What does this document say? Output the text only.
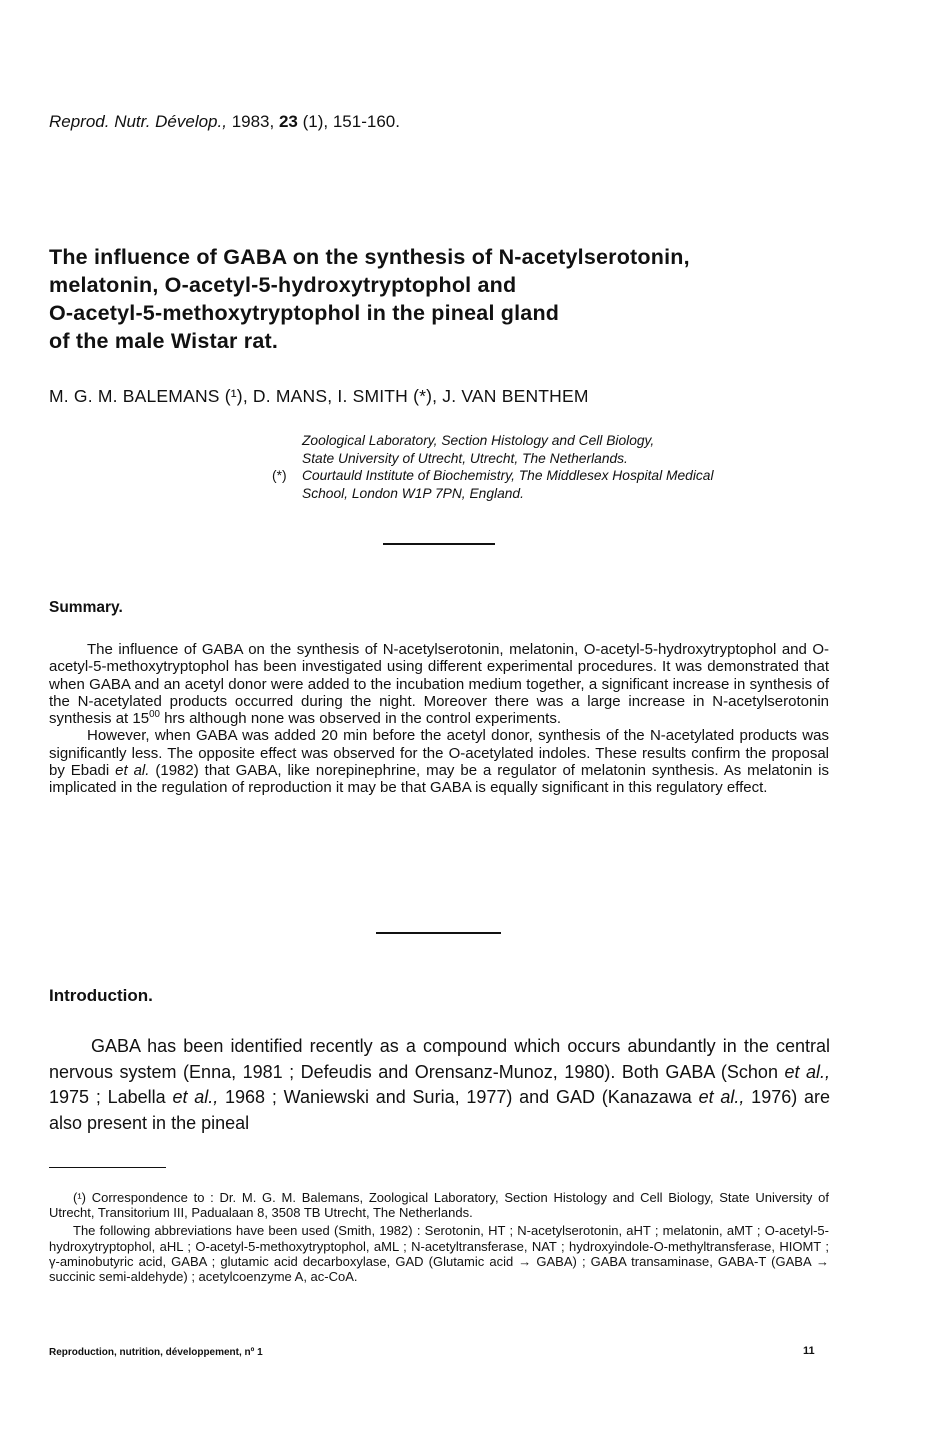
Reprod. Nutr. Dévelop., 1983, 23 (1), 151-160.
The influence of GABA on the synthesis of N-acetylserotonin,
melatonin, O-acetyl-5-hydroxytryptophol and
O-acetyl-5-methoxytryptophol in the pineal gland
of the male Wistar rat.
M. G. M. BALEMANS (¹), D. MANS, I. SMITH (*), J. VAN BENTHEM
Zoological Laboratory, Section Histology and Cell Biology,
State University of Utrecht, Utrecht, The Netherlands.
(*) Courtauld Institute of Biochemistry, The Middlesex Hospital Medical
School, London W1P 7PN, England.
Summary.

The influence of GABA on the synthesis of N-acetylserotonin, melatonin, O-acetyl-5-hydroxytryptophol and O-acetyl-5-methoxytryptophol has been investigated using different experimental procedures. It was demonstrated that when GABA and an acetyl donor were added to the incubation medium together, a significant increase in synthesis of the N-acetylated products occurred during the night. Moreover there was a large increase in N-acetylserotonin synthesis at $15^{00}$ hrs although none was observed in the control experiments.

However, when GABA was added 20 min before the acetyl donor, synthesis of the N-acetylated products was significantly less. The opposite effect was observed for the O-acetylated indoles. These results confirm the proposal by Ebadi et al. (1982) that GABA, like norepinephrine, may be a regulator of melatonin synthesis. As melatonin is implicated in the regulation of reproduction it may be that GABA is equally significant in this regulatory effect.

Introduction.

GABA has been identified recently as a compound which occurs abundantly in the central nervous system (Enna, 1981 ; Defeudis and Orensanz-Munoz, 1980). Both GABA (Schon et al., 1975 ; Labella et al., 1968 ; Waniewski and Suria, 1977) and GAD (Kanazawa et al., 1976) are also present in the pineal

(¹) Correspondence to : Dr. M. G. M. Balemans, Zoological Laboratory, Section Histology and Cell Biology, State University of Utrecht, Transitorium III, Padualaan 8, 3508 TB Utrecht, The Netherlands.

The following abbreviations have been used (Smith, 1982) : Serotonin, HT ; N-acetylserotonin, aHT ; melatonin, aMT ; O-acetyl-5-hydroxytryptophol, aHL ; O-acetyl-5-methoxytryptophol, aML ; N-acetyltransferase, NAT ; hydroxyindole-O-methyltransferase, HIOMT ; γ-aminobutyric acid, GABA ; glutamic acid decarboxylase, GAD (Glutamic acid → GABA) ; GABA transaminase, GABA-T (GABA → succinic semi-aldehyde) ; acetylcoenzyme A, ac-CoA.

Reproduction, nutrition, développement, nº 1	11
